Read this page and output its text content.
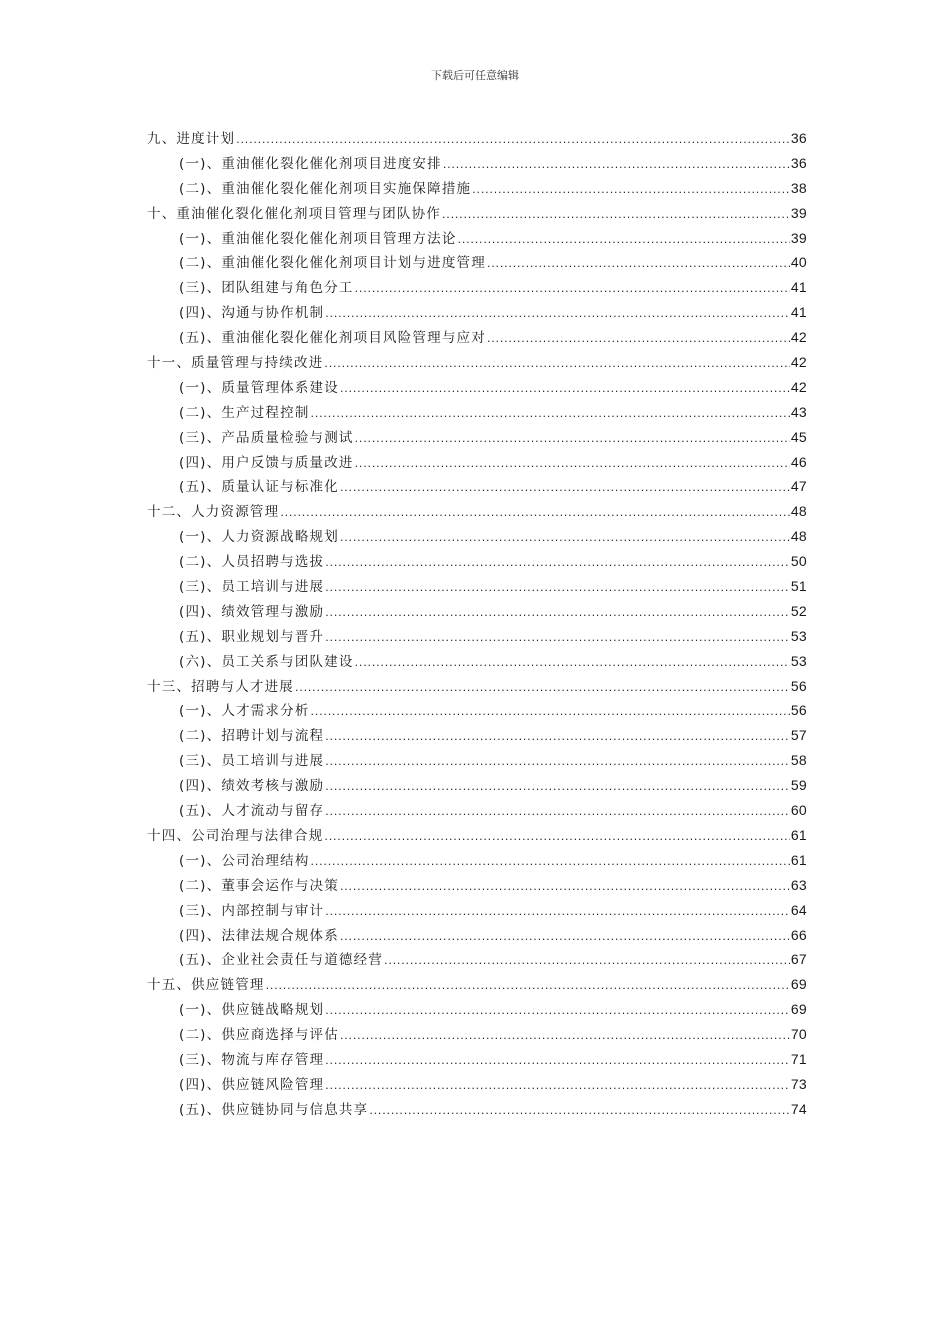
下载后可任意编辑
九、进度计划 .....	36
(一)、重油催化裂化催化剂项目进度安排 .....	36
(二)、重油催化裂化催化剂项目实施保障措施 .....	38
十、重油催化裂化催化剂项目管理与团队协作 .....	39
(一)、重油催化裂化催化剂项目管理方法论 .....	39
(二)、重油催化裂化催化剂项目计划与进度管理 .....	40
(三)、团队组建与角色分工 .....	41
(四)、沟通与协作机制 .....	41
(五)、重油催化裂化催化剂项目风险管理与应对 .....	42
十一、质量管理与持续改进 .....	42
(一)、质量管理体系建设 .....	42
(二)、生产过程控制 .....	43
(三)、产品质量检验与测试 .....	45
(四)、用户反馈与质量改进 .....	46
(五)、质量认证与标准化 .....	47
十二、人力资源管理 .....	48
(一)、人力资源战略规划 .....	48
(二)、人员招聘与选拔 .....	50
(三)、员工培训与进展 .....	51
(四)、绩效管理与激励 .....	52
(五)、职业规划与晋升 .....	53
(六)、员工关系与团队建设 .....	53
十三、招聘与人才进展 .....	56
(一)、人才需求分析 .....	56
(二)、招聘计划与流程 .....	57
(三)、员工培训与进展 .....	58
(四)、绩效考核与激励 .....	59
(五)、人才流动与留存 .....	60
十四、公司治理与法律合规 .....	61
(一)、公司治理结构 .....	61
(二)、董事会运作与决策 .....	63
(三)、内部控制与审计 .....	64
(四)、法律法规合规体系 .....	66
(五)、企业社会责任与道德经营 .....	67
十五、供应链管理 .....	69
(一)、供应链战略规划 .....	69
(二)、供应商选择与评估 .....	70
(三)、物流与库存管理 .....	71
(四)、供应链风险管理 .....	73
(五)、供应链协同与信息共享 .....	74
